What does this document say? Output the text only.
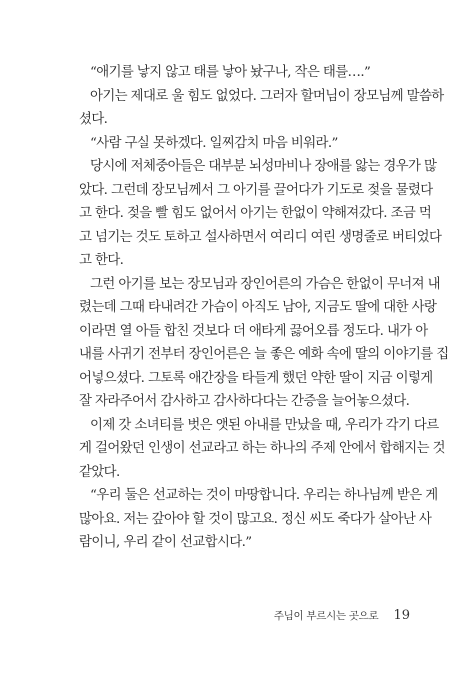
“애기를 낳지 않고 태를 낳아 놨구나, 작은 태를….”
아기는 제대로 울 힘도 없었다. 그러자 할머님이 장모님께 말씀하
셨다.
“사람 구실 못하겠다. 일찌감치 마음 비워라.”
당시에 저체중아들은 대부분 뇌성마비나 장애를 앓는 경우가 많
았다. 그런데 장모님께서 그 아기를 끌어다가 기도로 젖을 물렸다
고 한다. 젖을 빨 힘도 없어서 아기는 한없이 약해져갔다. 조금 먹
고 넘기는 것도 토하고 설사하면서 여리디 여린 생명줄로 버티었다
고 한다.
그런 아기를 보는 장모님과 장인어른의 가슴은 한없이 무너져 내
렸는데 그때 타내려간 가슴이 아직도 남아, 지금도 딸에 대한 사랑
이라면 열 아들 합친 것보다 더 애타게 끓어오릅 정도다. 내가 아
내를 사귀기 전부터 장인어른은 늘 좋은 예화 속에 딸의 이야기를 집
어넣으셨다. 그토록 애간장을 타들게 했던 약한 딸이 지금 이렇게
잘 자라주어서 감사하고 감사하다다는 간증을 늘어놓으셨다.
이제 갓 소녀티를 벗은 앳된 아내를 만났을 때, 우리가 각기 다르
게 걸어왔던 인생이 선교라고 하는 하나의 주제 안에서 합해지는 것
같았다.
“우리 둘은 선교하는 것이 마땅합니다. 우리는 하나님께 받은 게
많아요. 저는 갚아야 할 것이 많고요. 정신 씨도 죽다가 살아난 사
람이니, 우리 같이 선교합시다.”
주님이 부르시는 곳으로 19
